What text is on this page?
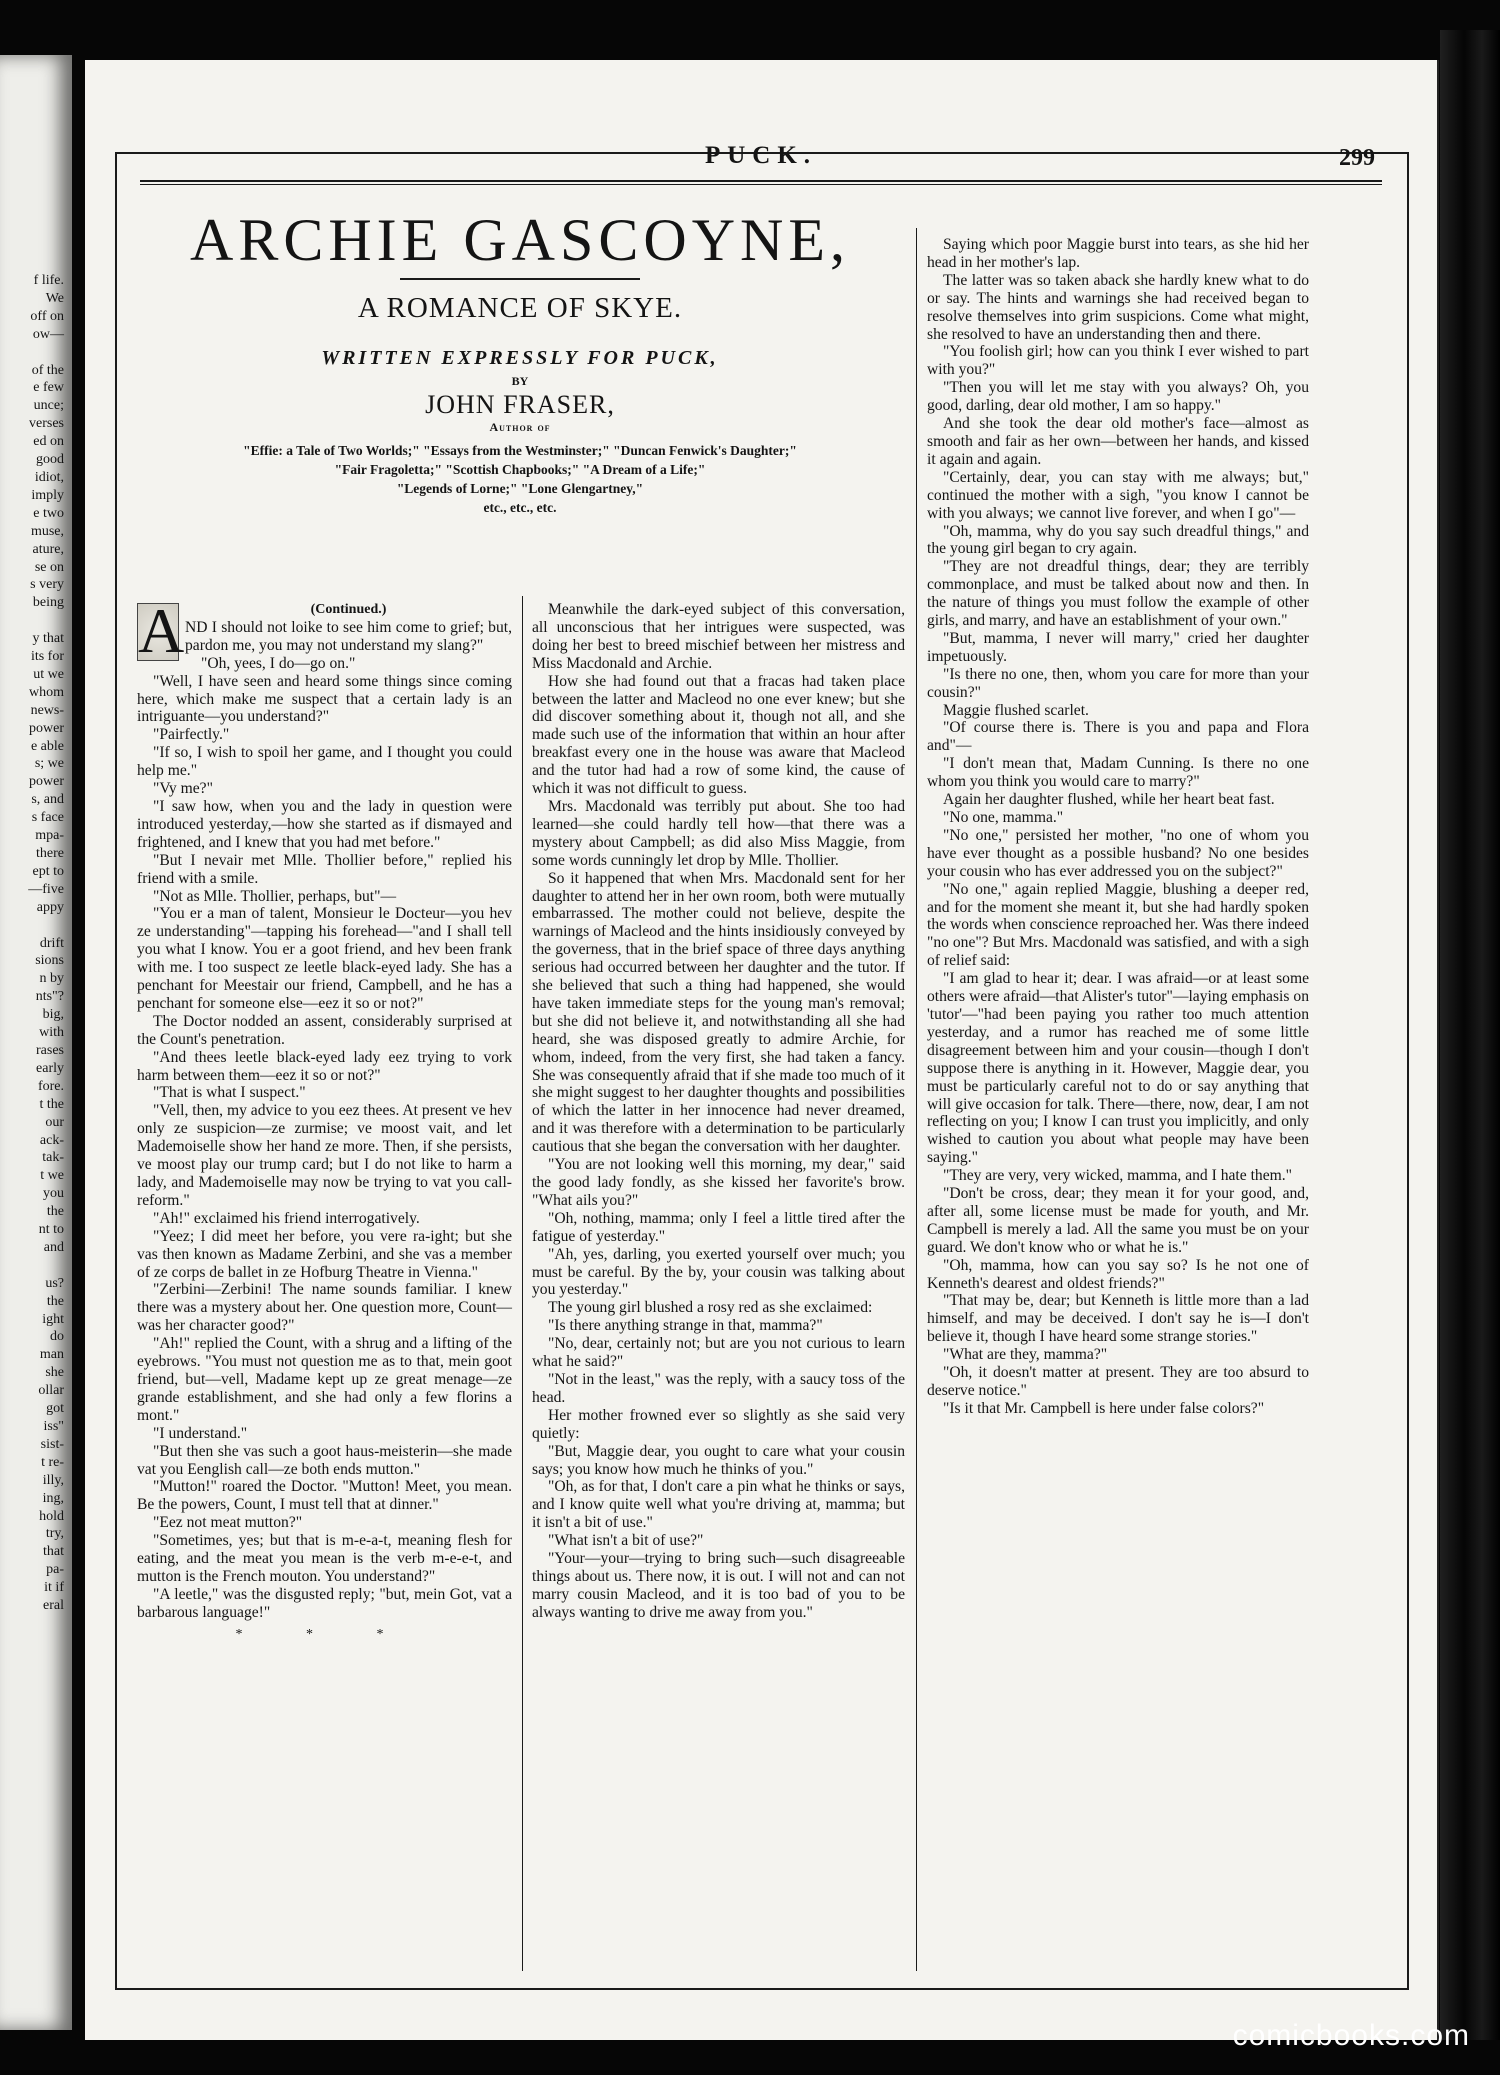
f life.
We
off on
ow—

of the
e few
unce;
verses
ed on
good
idiot,
imply
e two
muse,
ature,
se on
s very
being

y that
its for
ut we
whom
news-
power
e able
s; we
power
s, and
s face
mpa-
there
ept to
—five
appy

drift
sions
n by
nts"?
big,
with
rases
early
fore.
t the
our
ack-
tak-
t we
you
the
nt to
and

us?
the
ight
do
man
she
ollar
got
iss"
sist-
t re-
illy,
ing,
hold
try,
that
pa-
it if
eral
PUCK.	299
ARCHIE GASCOYNE,
A ROMANCE OF SKYE.
WRITTEN EXPRESSLY FOR PUCK,
BY
JOHN FRASER,
Author of
"Effie: a Tale of Two Worlds;" "Essays from the Westminster;" "Duncan Fenwick's Daughter;"
"Fair Fragoletta;" "Scottish Chapbooks;" "A Dream of a Life;"
"Legends of Lorne;" "Lone Glengartney,"
etc., etc., etc.
A	(Continued.)

ND I should not loike to see him come to grief; but, pardon me, you may not understand my slang?"

"Oh, yees, I do—go on."

"Well, I have seen and heard some things since coming here, which make me suspect that a certain lady is an intriguante—you understand?"

"Pairfectly."

"If so, I wish to spoil her game, and I thought you could help me."

"Vy me?"

"I saw how, when you and the lady in question were introduced yesterday,—how she started as if dismayed and frightened, and I knew that you had met before."

"But I nevair met Mlle. Thollier before," replied his friend with a smile.

"Not as Mlle. Thollier, perhaps, but"—

"You er a man of talent, Monsieur le Docteur—you hev ze understanding"—tapping his forehead—"and I shall tell you what I know. You er a goot friend, and hev been frank with me. I too suspect ze leetle black-eyed lady. She has a penchant for Meestair our friend, Campbell, and he has a penchant for someone else—eez it so or not?"

The Doctor nodded an assent, considerably surprised at the Count's penetration.

"And thees leetle black-eyed lady eez trying to vork harm between them—eez it so or not?"

"That is what I suspect."

"Vell, then, my advice to you eez thees. At present ve hev only ze suspicion—ze zurmise; ve moost vait, and let Mademoiselle show her hand ze more. Then, if she persists, ve moost play our trump card; but I do not like to harm a lady, and Mademoiselle may now be trying to vat you call-reform."

"Ah!" exclaimed his friend interrogatively.

"Yeez; I did meet her before, you vere ra-ight; but she vas then known as Madame Zerbini, and she vas a member of ze corps de ballet in ze Hofburg Theatre in Vienna."

"Zerbini—Zerbini! The name sounds familiar. I knew there was a mystery about her. One question more, Count—was her character good?"

"Ah!" replied the Count, with a shrug and a lifting of the eyebrows. "You must not question me as to that, mein goot friend, but—vell, Madame kept up ze great menage—ze grande establishment, and she had only a few florins a mont."

"I understand."

"But then she vas such a goot haus-meisterin—she made vat you Eenglish call—ze both ends mutton."

"Mutton!" roared the Doctor. "Mutton! Meet, you mean. Be the powers, Count, I must tell that at dinner."

"Eez not meat mutton?"

"Sometimes, yes; but that is m-e-a-t, meaning flesh for eating, and the meat you mean is the verb m-e-e-t, and mutton is the French mouton. You understand?"

"A leetle," was the disgusted reply; "but, mein Got, vat a barbarous language!"

* * *

Meanwhile the dark-eyed subject of this conversation, all unconscious that her intrigues were suspected, was doing her best to breed mischief between her mistress and Miss Macdonald and Archie.

How she had found out that a fracas had taken place between the latter and Macleod no one ever knew; but she did discover something about it, though not all, and she made such use of the information that within an hour after breakfast every one in the house was aware that Macleod and the tutor had had a row of some kind, the cause of which it was not difficult to guess.

Mrs. Macdonald was terribly put about. She too had learned—she could hardly tell how—that there was a mystery about Campbell; as did also Miss Maggie, from some words cunningly let drop by Mlle. Thollier.

So it happened that when Mrs. Macdonald sent for her daughter to attend her in her own room, both were mutually embarrassed. The mother could not believe, despite the warnings of Macleod and the hints insidiously conveyed by the governess, that in the brief space of three days anything serious had occurred between her daughter and the tutor. If she believed that such a thing had happened, she would have taken immediate steps for the young man's removal; but she did not believe it, and notwithstanding all she had heard, she was disposed greatly to admire Archie, for whom, indeed, from the very first, she had taken a fancy. She was consequently afraid that if she made too much of it she might suggest to her daughter thoughts and possibilities of which the latter in her innocence had never dreamed, and it was therefore with a determination to be particularly cautious that she began the conversation with her daughter.

"You are not looking well this morning, my dear," said the good lady fondly, as she kissed her favorite's brow. "What ails you?"

"Oh, nothing, mamma; only I feel a little tired after the fatigue of yesterday."

"Ah, yes, darling, you exerted yourself over much; you must be careful. By the by, your cousin was talking about you yesterday."

The young girl blushed a rosy red as she exclaimed:

"Is there anything strange in that, mamma?"

"No, dear, certainly not; but are you not curious to learn what he said?"

"Not in the least," was the reply, with a saucy toss of the head.

Her mother frowned ever so slightly as she said very quietly:

"But, Maggie dear, you ought to care what your cousin says; you know how much he thinks of you."

"Oh, as for that, I don't care a pin what he thinks or says, and I know quite well what you're driving at, mamma; but it isn't a bit of use."

"What isn't a bit of use?"

"Your—your—trying to bring such—such disagreeable things about us. There now, it is out. I will not and can not marry cousin Macleod, and it is too bad of you to be always wanting to drive me away from you."

Saying which poor Maggie burst into tears, as she hid her head in her mother's lap.

The latter was so taken aback she hardly knew what to do or say. The hints and warnings she had received began to resolve themselves into grim suspicions. Come what might, she resolved to have an understanding then and there.

"You foolish girl; how can you think I ever wished to part with you?"

"Then you will let me stay with you always? Oh, you good, darling, dear old mother, I am so happy."

And she took the dear old mother's face—almost as smooth and fair as her own—between her hands, and kissed it again and again.

"Certainly, dear, you can stay with me always; but," continued the mother with a sigh, "you know I cannot be with you always; we cannot live forever, and when I go"—

"Oh, mamma, why do you say such dreadful things," and the young girl began to cry again.

"They are not dreadful things, dear; they are terribly commonplace, and must be talked about now and then. In the nature of things you must follow the example of other girls, and marry, and have an establishment of your own."

"But, mamma, I never will marry," cried her daughter impetuously.

"Is there no one, then, whom you care for more than your cousin?"

Maggie flushed scarlet.

"Of course there is. There is you and papa and Flora and"—

"I don't mean that, Madam Cunning. Is there no one whom you think you would care to marry?"

Again her daughter flushed, while her heart beat fast.

"No one, mamma."

"No one," persisted her mother, "no one of whom you have ever thought as a possible husband? No one besides your cousin who has ever addressed you on the subject?"

"No one," again replied Maggie, blushing a deeper red, and for the moment she meant it, but she had hardly spoken the words when conscience reproached her. Was there indeed "no one"? But Mrs. Macdonald was satisfied, and with a sigh of relief said:

"I am glad to hear it; dear. I was afraid—or at least some others were afraid—that Alister's tutor"—laying emphasis on 'tutor'—"had been paying you rather too much attention yesterday, and a rumor has reached me of some little disagreement between him and your cousin—though I don't suppose there is anything in it. However, Maggie dear, you must be particularly careful not to do or say anything that will give occasion for talk. There—there, now, dear, I am not reflecting on you; I know I can trust you implicitly, and only wished to caution you about what people may have been saying."

"They are very, very wicked, mamma, and I hate them."

"Don't be cross, dear; they mean it for your good, and, after all, some license must be made for youth, and Mr. Campbell is merely a lad. All the same you must be on your guard. We don't know who or what he is."

"Oh, mamma, how can you say so? Is he not one of Kenneth's dearest and oldest friends?"

"That may be, dear; but Kenneth is little more than a lad himself, and may be deceived. I don't say he is—I don't believe it, though I have heard some strange stories."

"What are they, mamma?"

"Oh, it doesn't matter at present. They are too absurd to deserve notice."

"Is it that Mr. Campbell is here under false colors?"

comicbooks.com
